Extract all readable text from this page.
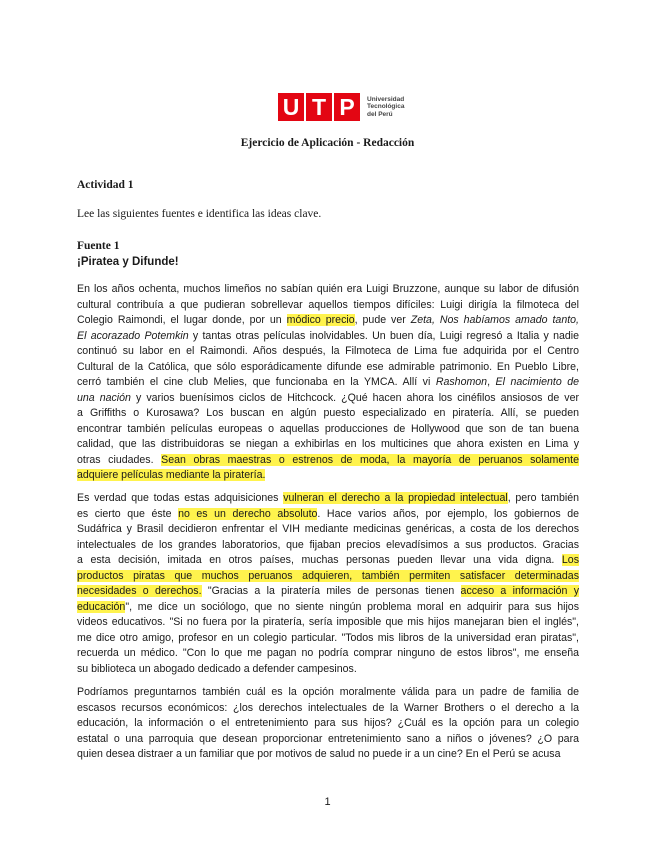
U T P	Universidad
Tecnológica
del Perú
Ejercicio de Aplicación - Redacción
Actividad 1
Lee las siguientes fuentes e identifica las ideas clave.
Fuente 1
¡Piratea y Difunde!
En los años ochenta, muchos limeños no sabían quién era Luigi Bruzzone, aunque su labor de difusión
cultural contribuía a que pudieran sobrellevar aquellos tiempos difíciles: Luigi dirigía la filmoteca del
Colegio Raimondi, el lugar donde, por un módico precio, pude ver Zeta, Nos habíamos amado tanto,
El acorazado Potemkin y tantas otras películas inolvidables. Un buen día, Luigi regresó a Italia y nadie
continuó su labor en el Raimondi. Años después, la Filmoteca de Lima fue adquirida por el Centro
Cultural de la Católica, que sólo esporádicamente difunde ese admirable patrimonio. En Pueblo Libre,
cerró también el cine club Melies, que funcionaba en la YMCA. Allí vi Rashomon, El nacimiento de
una nación y varios buenísimos ciclos de Hitchcock. ¿Qué hacen ahora los cinéfilos ansiosos de ver
a Griffiths o Kurosawa? Los buscan en algún puesto especializado en piratería. Allí, se pueden
encontrar también películas europeas o aquellas producciones de Hollywood que son de tan buena
calidad, que las distribuidoras se niegan a exhibirlas en los multicines que ahora existen en Lima y
otras ciudades. Sean obras maestras o estrenos de moda, la mayoría de peruanos solamente
adquiere películas mediante la piratería.
Es verdad que todas estas adquisiciones vulneran el derecho a la propiedad intelectual, pero también
es cierto que éste no es un derecho absoluto. Hace varios años, por ejemplo, los gobiernos de
Sudáfrica y Brasil decidieron enfrentar el VIH mediante medicinas genéricas, a costa de los derechos
intelectuales de los grandes laboratorios, que fijaban precios elevadísimos a sus productos. Gracias
a esta decisión, imitada en otros países, muchas personas pueden llevar una vida digna. Los
productos piratas que muchos peruanos adquieren, también permiten satisfacer determinadas
necesidades o derechos. "Gracias a la piratería miles de personas tienen acceso a información y
educación", me dice un sociólogo, que no siente ningún problema moral en adquirir para sus hijos
videos educativos. "Si no fuera por la piratería, sería imposible que mis hijos manejaran bien el inglés",
me dice otro amigo, profesor en un colegio particular. "Todos mis libros de la universidad eran piratas",
recuerda un médico. "Con lo que me pagan no podría comprar ninguno de estos libros", me enseña
su biblioteca un abogado dedicado a defender campesinos.
Podríamos preguntarnos también cuál es la opción moralmente válida para un padre de familia de
escasos recursos económicos: ¿los derechos intelectuales de la Warner Brothers o el derecho a la
educación, la información o el entretenimiento para sus hijos? ¿Cuál es la opción para un colegio
estatal o una parroquia que desean proporcionar entretenimiento sano a niños o jóvenes? ¿O para
quien desea distraer a un familiar que por motivos de salud no puede ir a un cine? En el Perú se acusa
1
